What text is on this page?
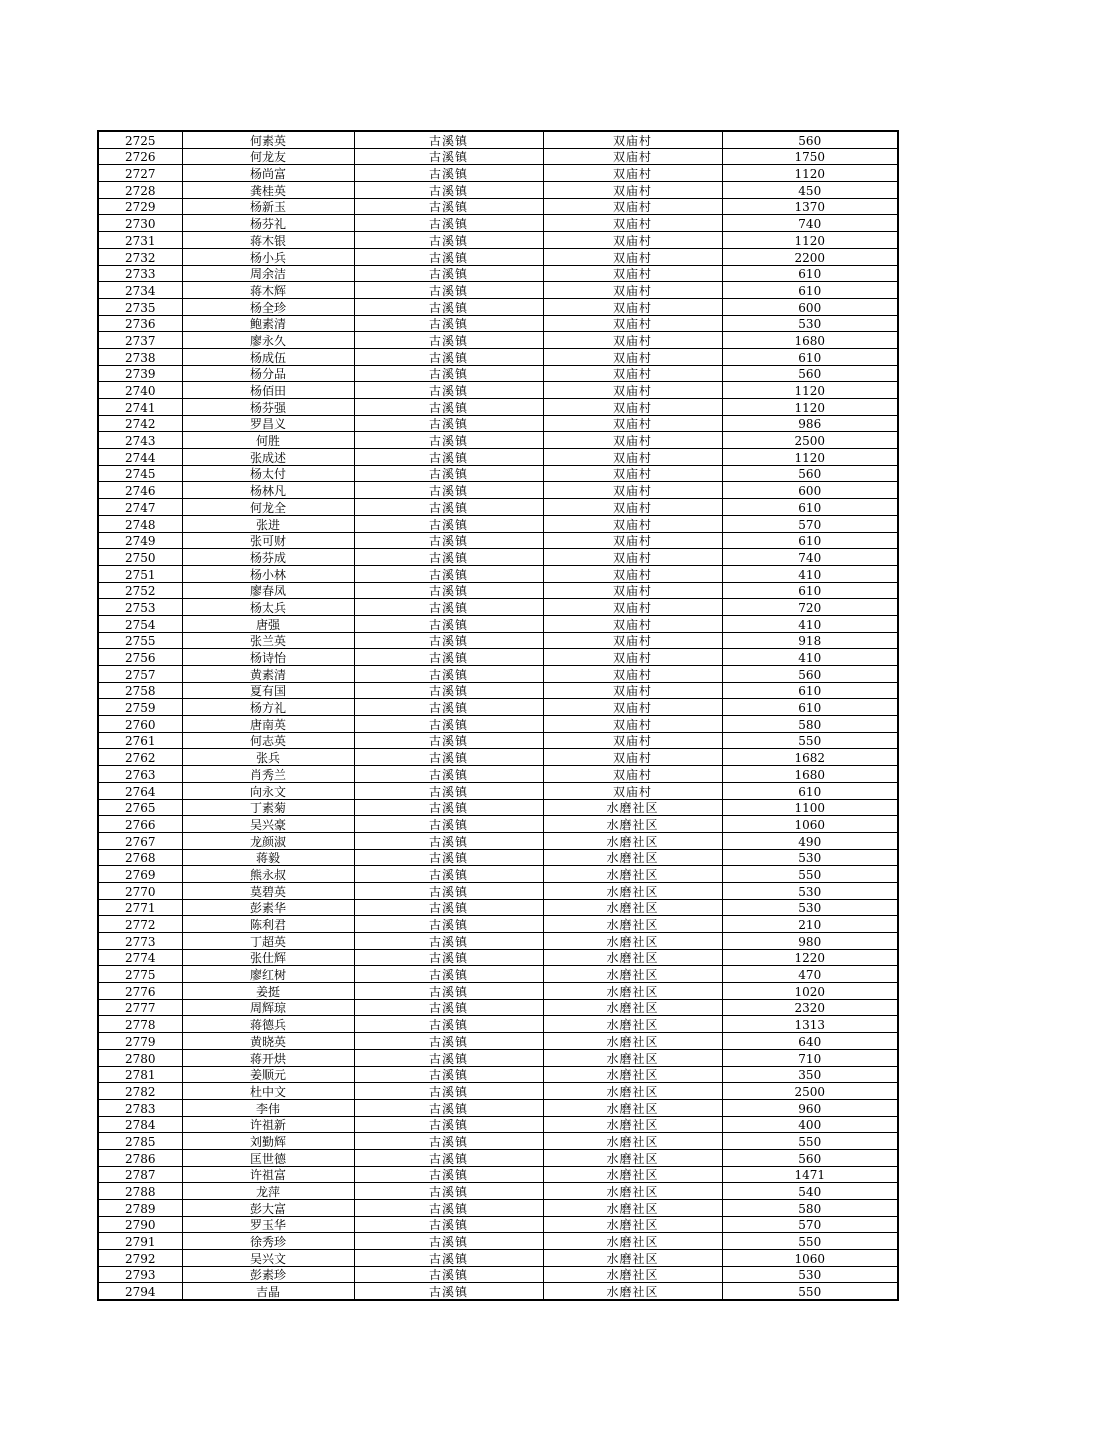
2725	何素英	古溪镇	双庙村	560
2726	何龙友	古溪镇	双庙村	1750
2727	杨尚富	古溪镇	双庙村	1120
2728	龚桂英	古溪镇	双庙村	450
2729	杨新玉	古溪镇	双庙村	1370
2730	杨芬礼	古溪镇	双庙村	740
2731	蒋木银	古溪镇	双庙村	1120
2732	杨小兵	古溪镇	双庙村	2200
2733	周余洁	古溪镇	双庙村	610
2734	蒋木辉	古溪镇	双庙村	610
2735	杨全珍	古溪镇	双庙村	600
2736	鲍素清	古溪镇	双庙村	530
2737	廖永久	古溪镇	双庙村	1680
2738	杨成伍	古溪镇	双庙村	610
2739	杨分品	古溪镇	双庙村	560
2740	杨佰田	古溪镇	双庙村	1120
2741	杨芬强	古溪镇	双庙村	1120
2742	罗昌义	古溪镇	双庙村	986
2743	何胜	古溪镇	双庙村	2500
2744	张成述	古溪镇	双庙村	1120
2745	杨太付	古溪镇	双庙村	560
2746	杨林凡	古溪镇	双庙村	600
2747	何龙全	古溪镇	双庙村	610
2748	张进	古溪镇	双庙村	570
2749	张可财	古溪镇	双庙村	610
2750	杨芬成	古溪镇	双庙村	740
2751	杨小林	古溪镇	双庙村	410
2752	廖春凤	古溪镇	双庙村	610
2753	杨太兵	古溪镇	双庙村	720
2754	唐强	古溪镇	双庙村	410
2755	张兰英	古溪镇	双庙村	918
2756	杨诗怡	古溪镇	双庙村	410
2757	黄素清	古溪镇	双庙村	560
2758	夏有国	古溪镇	双庙村	610
2759	杨方礼	古溪镇	双庙村	610
2760	唐南英	古溪镇	双庙村	580
2761	何志英	古溪镇	双庙村	550
2762	张兵	古溪镇	双庙村	1682
2763	肖秀兰	古溪镇	双庙村	1680
2764	向永文	古溪镇	双庙村	610
2765	丁素菊	古溪镇	水磨社区	1100
2766	吴兴豪	古溪镇	水磨社区	1060
2767	龙颜淑	古溪镇	水磨社区	490
2768	蒋毅	古溪镇	水磨社区	530
2769	熊永叔	古溪镇	水磨社区	550
2770	莫碧英	古溪镇	水磨社区	530
2771	彭素华	古溪镇	水磨社区	530
2772	陈利君	古溪镇	水磨社区	210
2773	丁超英	古溪镇	水磨社区	980
2774	张仕辉	古溪镇	水磨社区	1220
2775	廖红树	古溪镇	水磨社区	470
2776	姜挺	古溪镇	水磨社区	1020
2777	周辉琼	古溪镇	水磨社区	2320
2778	蒋德兵	古溪镇	水磨社区	1313
2779	黄晓英	古溪镇	水磨社区	640
2780	蒋开烘	古溪镇	水磨社区	710
2781	姜顺元	古溪镇	水磨社区	350
2782	杜中文	古溪镇	水磨社区	2500
2783	李伟	古溪镇	水磨社区	960
2784	许祖新	古溪镇	水磨社区	400
2785	刘勤辉	古溪镇	水磨社区	550
2786	匡世德	古溪镇	水磨社区	560
2787	许祖富	古溪镇	水磨社区	1471
2788	龙萍	古溪镇	水磨社区	540
2789	彭大富	古溪镇	水磨社区	580
2790	罗玉华	古溪镇	水磨社区	570
2791	徐秀珍	古溪镇	水磨社区	550
2792	吴兴文	古溪镇	水磨社区	1060
2793	彭素珍	古溪镇	水磨社区	530
2794	吉晶	古溪镇	水磨社区	550
